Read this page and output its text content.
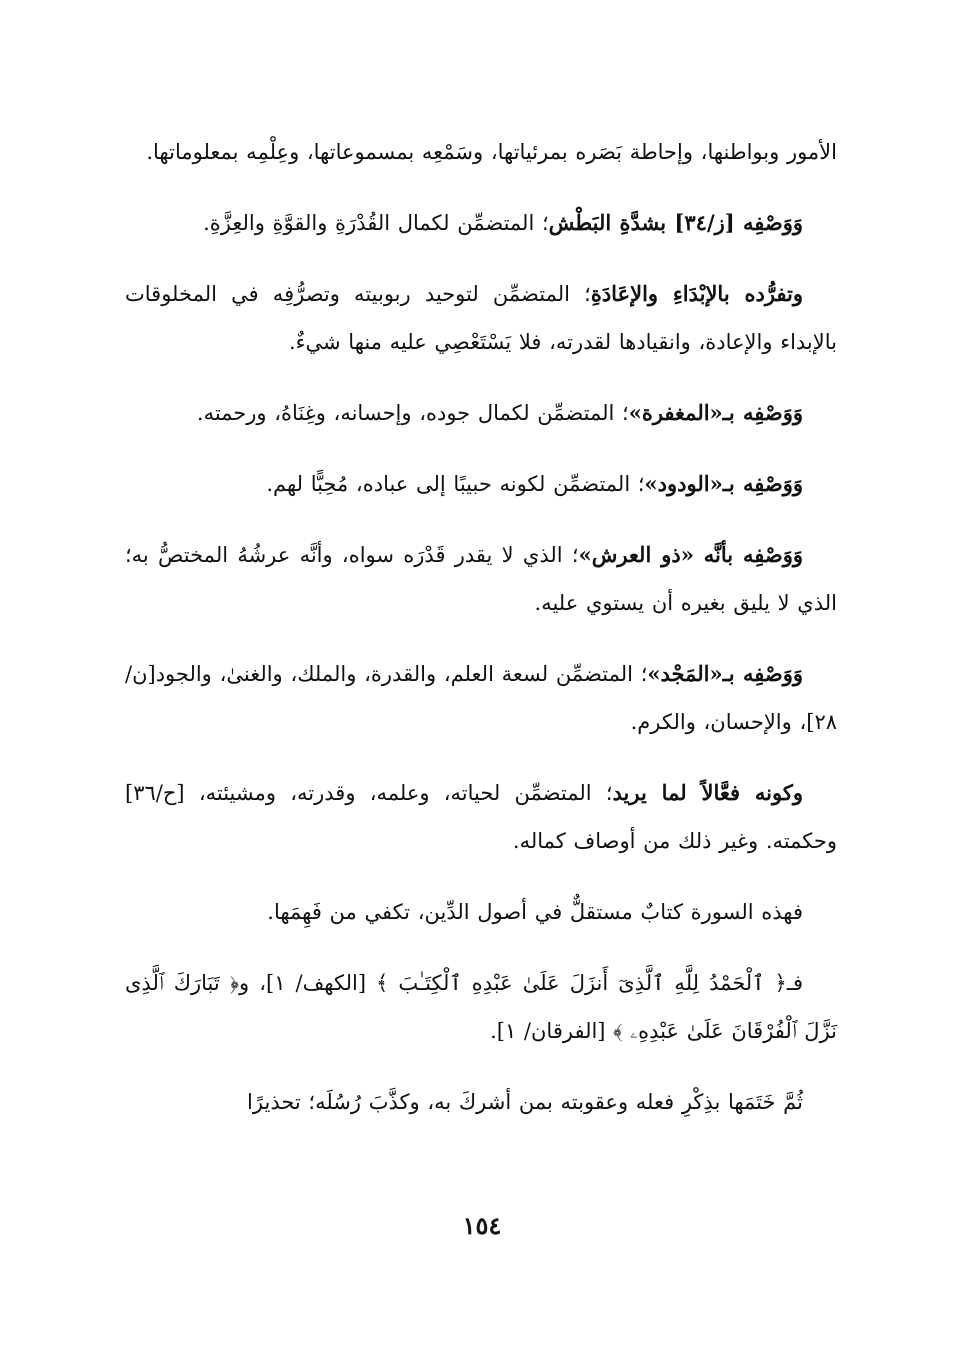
الأمور وبواطنها، وإحاطة بَصَره بمرئياتها، وسَمْعِه بمسموعاتها، وعِلْمِه بمعلوماتها.

وَوَصْفِه [ز/٣٤] بشدَّةِ البَطْش؛ المتضمِّن لكمال القُدْرَةِ والقوَّةِ والعِزَّةِ.

وتفرُّده بالإبْدَاءِ والإعَادَةِ؛ المتضمِّن لتوحيد ربوبيته وتصرُّفِه في المخلوقات بالإبداء والإعادة، وانقيادها لقدرته، فلا يَسْتَعْصِي عليه منها شيءٌ.

وَوَصْفِه بـ«المغفرة»؛ المتضمِّن لكمال جوده، وإحسانه، وغِنَاهُ، ورحمته.

وَوَصْفِه بـ«الودود»؛ المتضمِّن لكونه حبيبًا إلى عباده، مُحِبًّا لهم.

وَوَصْفِه بأنَّه «ذو العرش»؛ الذي لا يقدر قَدْرَه سواه، وأنَّه عرشُهُ المختصُّ به؛ الذي لا يليق بغيره أن يستوي عليه.

وَوَصْفِه بـ«المَجْد»؛ المتضمِّن لسعة العلم، والقدرة، والملك، والغنىٰ، والجود[ن/٢٨]، والإحسان، والكرم.

وكونه فعَّالاً لما يريد؛ المتضمِّن لحياته، وعلمه، وقدرته، ومشيئته، [ح/٣٦] وحكمته. وغير ذلك من أوصاف كماله.

فهذه السورة كتابٌ مستقلٌّ في أصول الدِّين، تكفي من فَهِمَها.

فـ﴿ ٱلْحَمْدُ لِلَّهِ ٱلَّذِىٓ أَنزَلَ عَلَىٰ عَبْدِهِ ٱلْكِتَـٰبَ ﴾ [الكهف/ ١]، و﴿ تَبَارَكَ ٱلَّذِى نَزَّلَ ٱلْفُرْقَانَ عَلَىٰ عَبْدِهِۦ ﴾ [الفرقان/ ١].

ثُمَّ خَتَمَها بذِكْرِ فعله وعقوبته بمن أشركَ به، وكذَّبَ رُسُلَه؛ تحذيرًا

١٥٤
